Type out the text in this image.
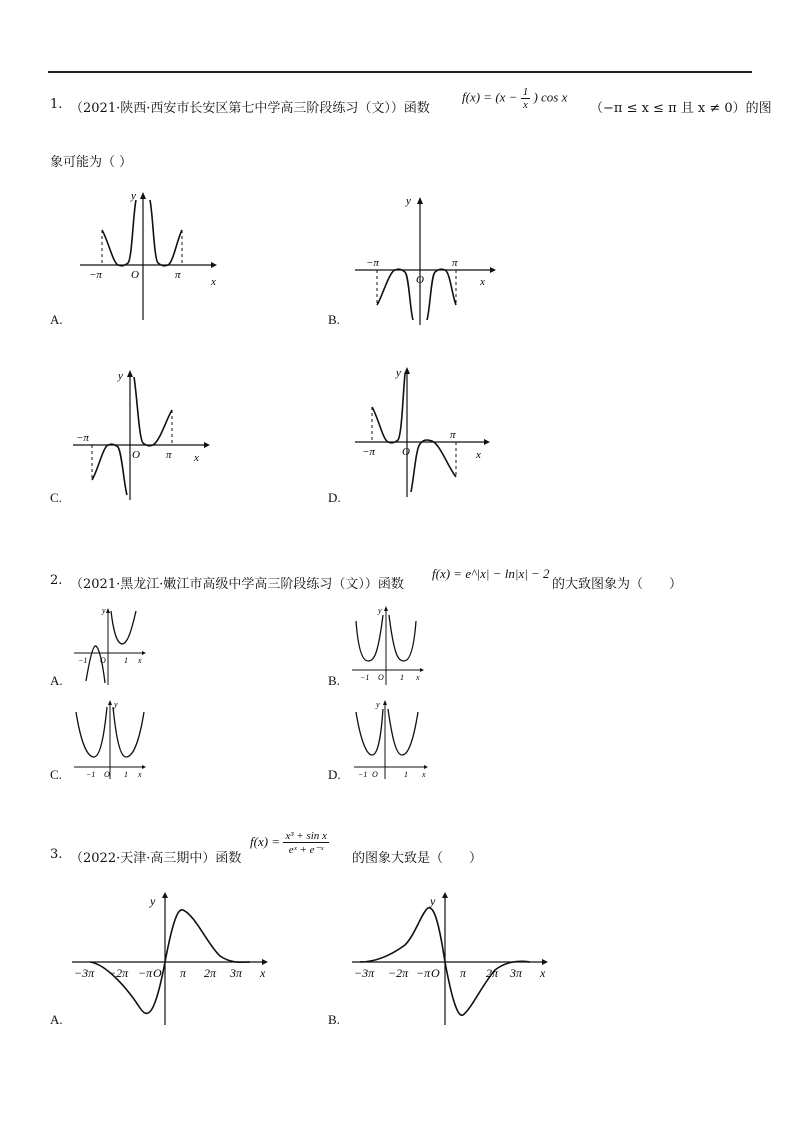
1. （2021·陕西·西安市长安区第七中学高三阶段练习（文））函数
$f(x) = (x - \frac{1}{x}$ ) cos x
（−π ≤ x ≤ π 且 x ≠ 0）的图
象可能为（ ）
−π	O	π
x
y
A.
−π
O
π
x
y
B.
−π
O π x
y
C.
−π O
π
x
y
D.
2. （2021·黑龙江·嫩江市高级中学高三阶段练习（文））函数
f(x) = e^|x| − ln|x| − 2
的大致图象为（　　）
−1 O 1 x
y
A.	−1 O 1 x
y
B.
−1 O 1 x
y
C.	−1 O	1 x
y
D.
3. （2022·天津·高三期中）函数
$f(x) = \frac{\text{x³ + sin x}}{\text{eˣ + e⁻ˣ}}$
的图象大致是（　　）
−3π −2π −π O π 2π 3π x
y
A.
−3π −2π −π O π 2π 3π x
y
B.
